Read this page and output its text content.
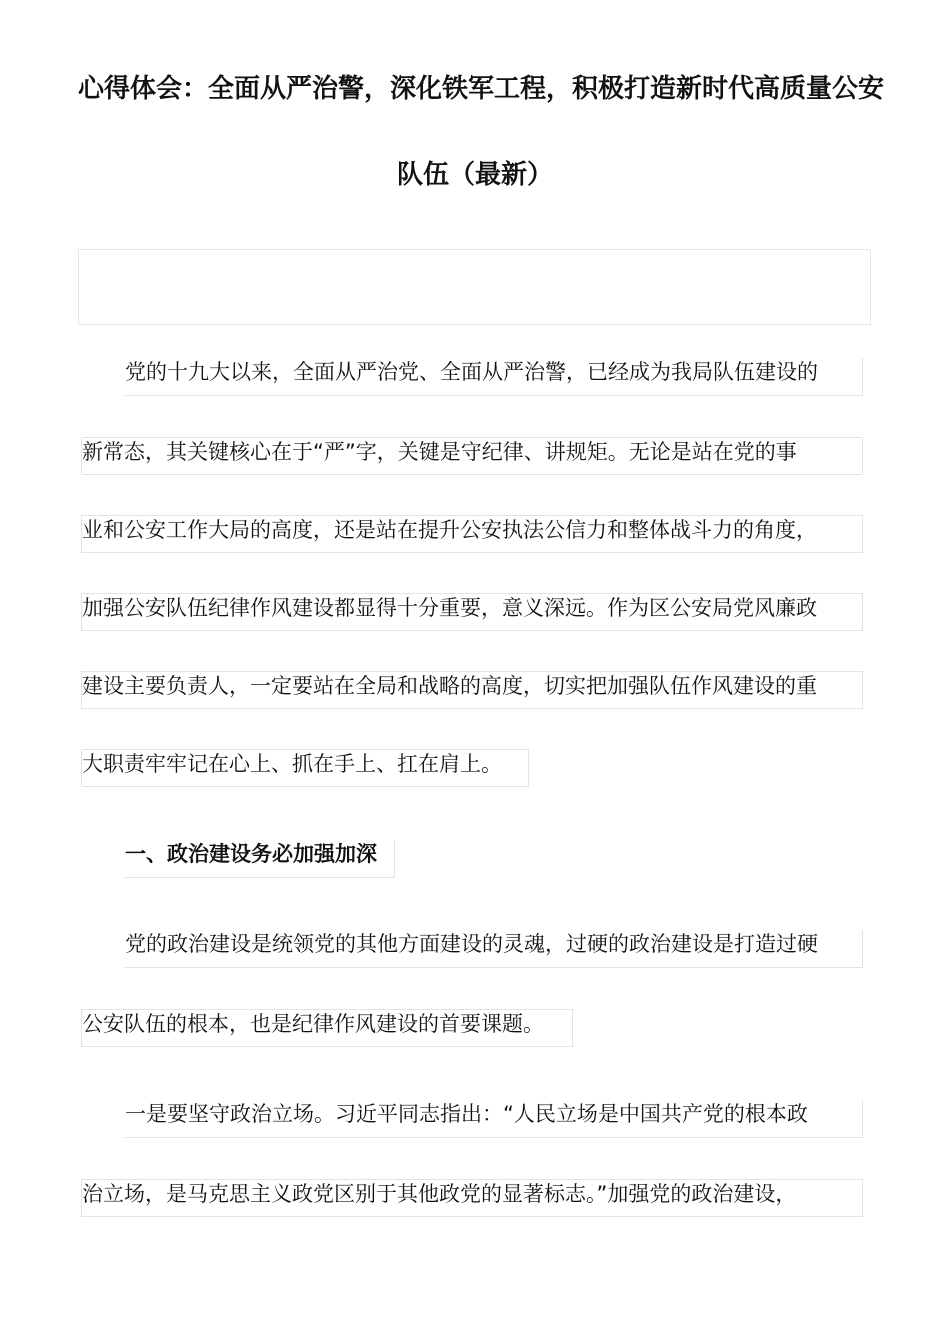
心得体会：全面从严治警，深化铁军工程，积极打造新时代高质量公安
队伍（最新）
党的十九大以来，全面从严治党、全面从严治警，已经成为我局队伍建设的
新常态，其关键核心在于“严”字，关键是守纪律、讲规矩。无论是站在党的事
业和公安工作大局的高度，还是站在提升公安执法公信力和整体战斗力的角度，
加强公安队伍纪律作风建设都显得十分重要，意义深远。作为区公安局党风廉政
建设主要负责人，一定要站在全局和战略的高度，切实把加强队伍作风建设的重
大职责牢牢记在心上、抓在手上、扛在肩上。
一、政治建设务必加强加深
党的政治建设是统领党的其他方面建设的灵魂，过硬的政治建设是打造过硬
公安队伍的根本，也是纪律作风建设的首要课题。
一是要坚守政治立场。习近平同志指出：“人民立场是中国共产党的根本政
治立场，是马克思主义政党区别于其他政党的显著标志。”加强党的政治建设，
